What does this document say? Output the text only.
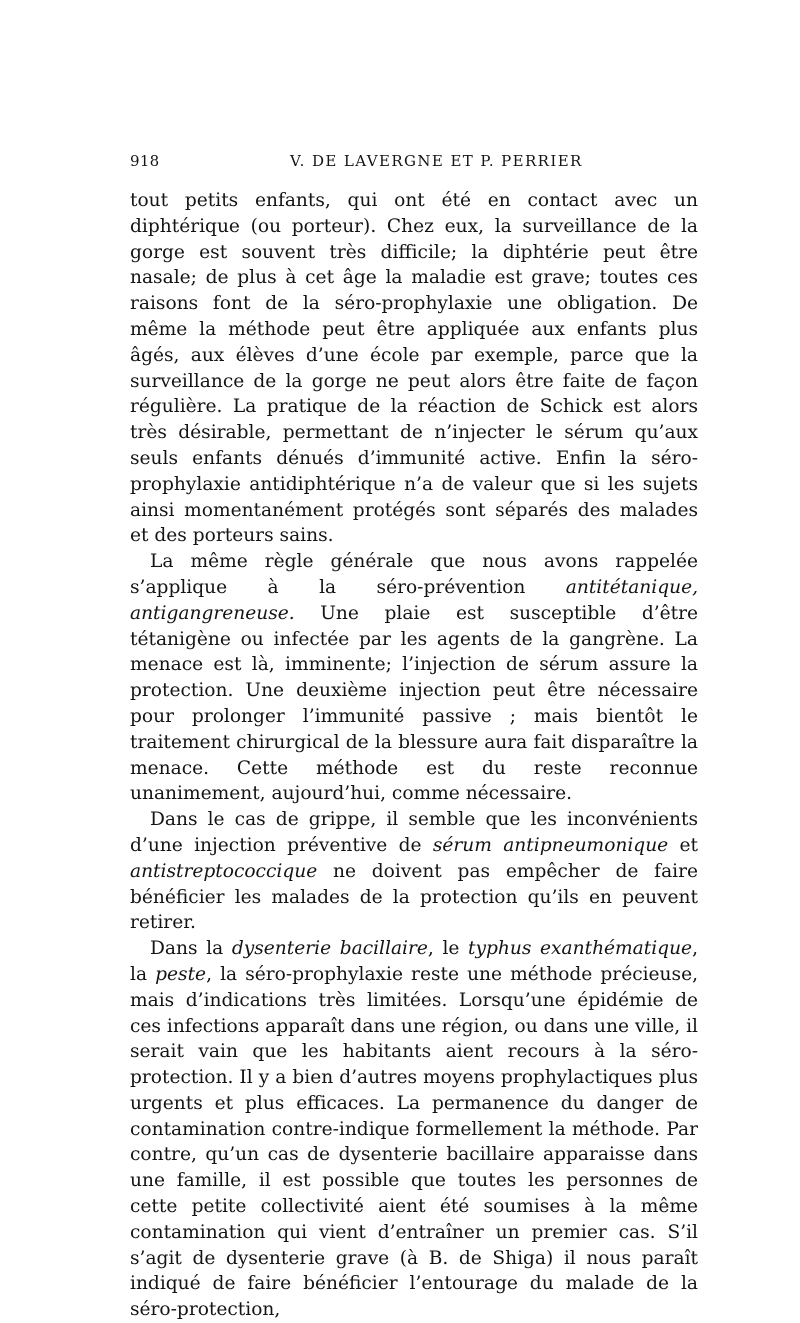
918	V. DE LAVERGNE ET P. PERRIER

tout petits enfants, qui ont été en contact avec un diphtérique (ou porteur). Chez eux, la surveillance de la gorge est souvent très difficile; la diphtérie peut être nasale; de plus à cet âge la maladie est grave; toutes ces raisons font de la séro-prophylaxie une obligation. De même la méthode peut être appliquée aux enfants plus âgés, aux élèves d’une école par exemple, parce que la surveillance de la gorge ne peut alors être faite de façon régulière. La pratique de la réaction de Schick est alors très désirable, permettant de n’injecter le sérum qu’aux seuls enfants dénués d’immunité active. Enfin la séro-prophylaxie antidiphtérique n’a de valeur que si les sujets ainsi momentanément protégés sont séparés des malades et des porteurs sains.

La même règle générale que nous avons rappelée s’applique à la séro-prévention antitétanique, antigangreneuse. Une plaie est susceptible d’être tétanigène ou infectée par les agents de la gangrène. La menace est là, imminente; l’injection de sérum assure la protection. Une deuxième injection peut être nécessaire pour prolonger l’immunité passive ; mais bientôt le traitement chirurgical de la blessure aura fait disparaître la menace. Cette méthode est du reste reconnue unanimement, aujourd’hui, comme nécessaire.

Dans le cas de grippe, il semble que les inconvénients d’une injection préventive de sérum antipneumonique et antistreptococcique ne doivent pas empêcher de faire bénéficier les malades de la protection qu’ils en peuvent retirer.

Dans la dysenterie bacillaire, le typhus exanthématique, la peste, la séro-prophylaxie reste une méthode précieuse, mais d’indications très limitées. Lorsqu’une épidémie de ces infections apparaît dans une région, ou dans une ville, il serait vain que les habitants aient recours à la séro-protection. Il y a bien d’autres moyens prophylactiques plus urgents et plus efficaces. La permanence du danger de contamination contre-indique formellement la méthode. Par contre, qu’un cas de dysenterie bacillaire apparaisse dans une famille, il est possible que toutes les personnes de cette petite collectivité aient été soumises à la même contamination qui vient d’entraîner un premier cas. S’il s’agit de dysenterie grave (à B. de Shiga) il nous paraît indiqué de faire bénéficier l’entourage du malade de la séro-protection,
